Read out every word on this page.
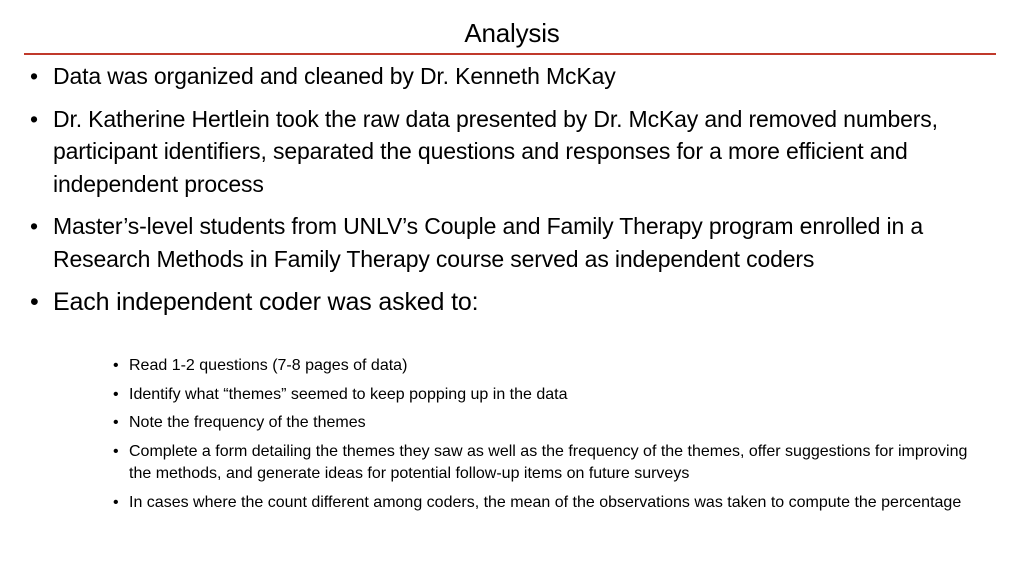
Analysis
• Data was organized and cleaned by Dr. Kenneth McKay
• Dr. Katherine Hertlein took the raw data presented by Dr. McKay and removed numbers, participant identifiers, separated the questions and responses for a more efficient and independent process
• Master’s-level students from UNLV’s Couple and Family Therapy program enrolled in a Research Methods in Family Therapy course served as independent coders
• Each independent coder was asked to:
• Read 1-2 questions (7-8 pages of data)
• Identify what “themes” seemed to keep popping up in the data
• Note the frequency of the themes
• Complete a form detailing the themes they saw as well as the frequency of the themes, offer suggestions for improving the methods, and generate ideas for potential follow-up items on future surveys
• In cases where the count different among coders, the mean of the observations was taken to compute the percentage
